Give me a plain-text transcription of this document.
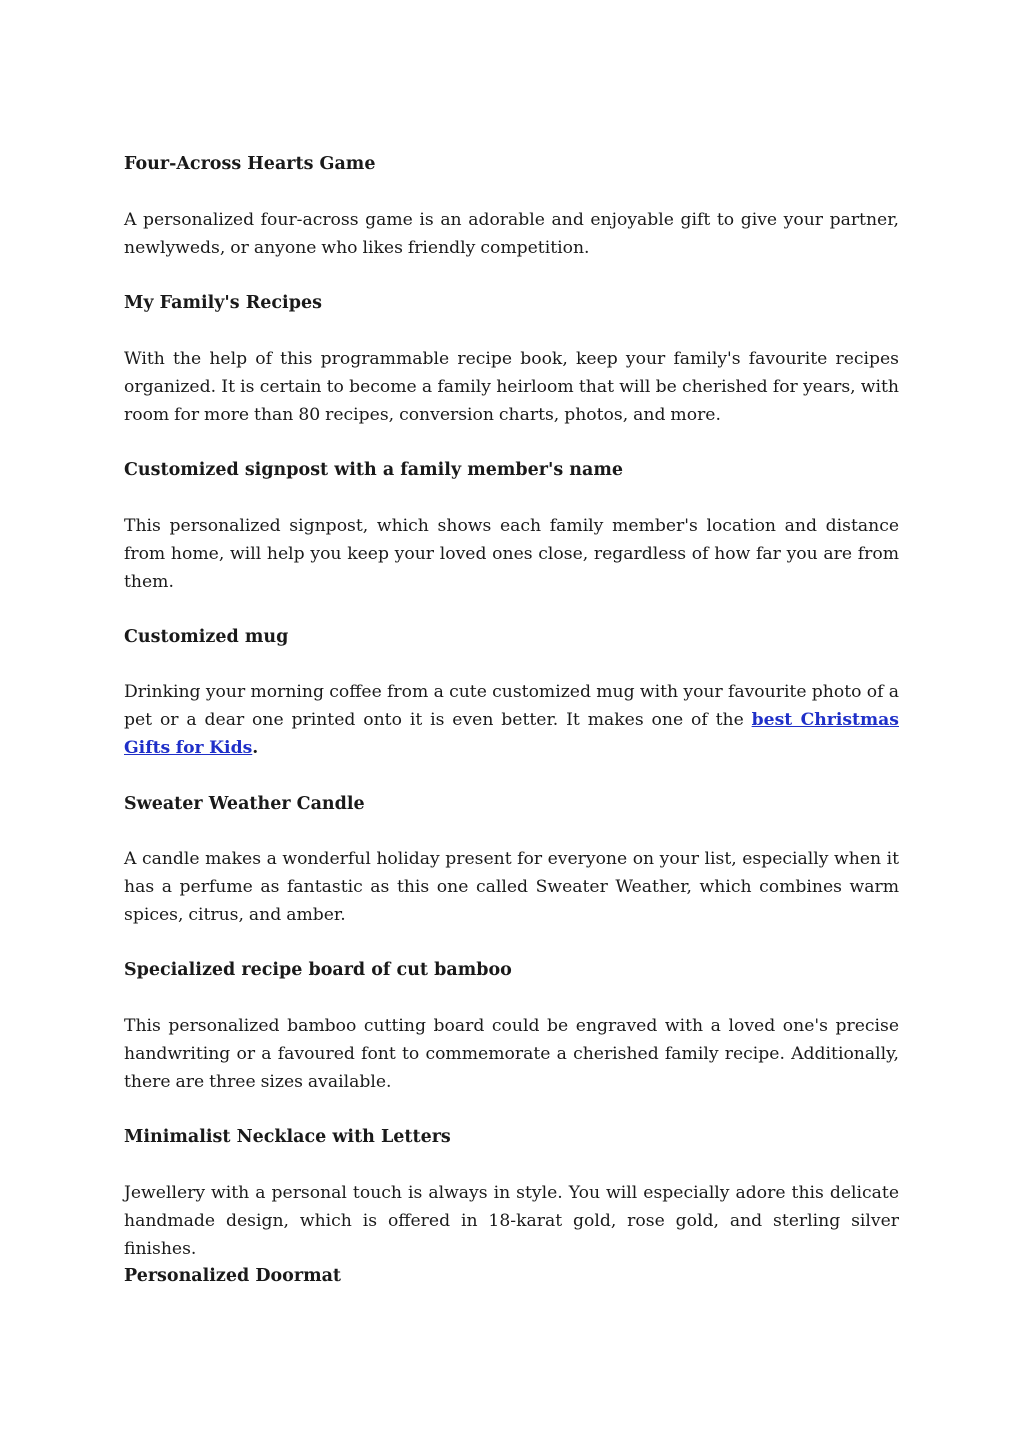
Four-Across Hearts Game

A personalized four-across game is an adorable and enjoyable gift to give your partner, newlyweds, or anyone who likes friendly competition.

My Family's Recipes

With the help of this programmable recipe book, keep your family's favourite recipes organized. It is certain to become a family heirloom that will be cherished for years, with room for more than 80 recipes, conversion charts, photos, and more.

Customized signpost with a family member's name

This personalized signpost, which shows each family member's location and distance from home, will help you keep your loved ones close, regardless of how far you are from them.

Customized mug

Drinking your morning coffee from a cute customized mug with your favourite photo of a pet or a dear one printed onto it is even better. It makes one of the best Christmas Gifts for Kids.

Sweater Weather Candle

A candle makes a wonderful holiday present for everyone on your list, especially when it has a perfume as fantastic as this one called Sweater Weather, which combines warm spices, citrus, and amber.

Specialized recipe board of cut bamboo

This personalized bamboo cutting board could be engraved with a loved one's precise handwriting or a favoured font to commemorate a cherished family recipe. Additionally, there are three sizes available.

Minimalist Necklace with Letters

Jewellery with a personal touch is always in style. You will especially adore this delicate handmade design, which is offered in 18-karat gold, rose gold, and sterling silver finishes.

Personalized Doormat
